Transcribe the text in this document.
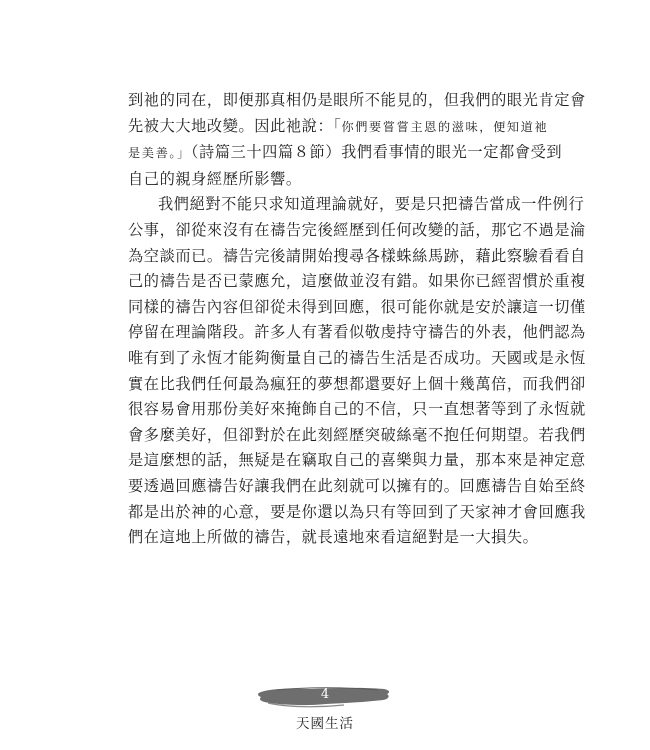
到祂的同在，即便那真相仍是眼所不能見的，但我們的眼光肯定會
先被大大地改變。因此祂說：「你們要嘗嘗主恩的滋味，便知道祂
是美善。」（詩篇三十四篇８節）我們看事情的眼光一定都會受到
自己的親身經歷所影響。

我們絕對不能只求知道理論就好，要是只把禱告當成一件例行
公事，卻從來沒有在禱告完後經歷到任何改變的話，那它不過是淪
為空談而已。禱告完後請開始搜尋各樣蛛絲馬跡，藉此察驗看看自
己的禱告是否已蒙應允，這麼做並沒有錯。如果你已經習慣於重複
同樣的禱告內容但卻從未得到回應，很可能你就是安於讓這一切僅
停留在理論階段。許多人有著看似敬虔持守禱告的外表，他們認為
唯有到了永恆才能夠衡量自己的禱告生活是否成功。天國或是永恆
實在比我們任何最為瘋狂的夢想都還要好上個十幾萬倍，而我們卻
很容易會用那份美好來掩飾自己的不信，只一直想著等到了永恆就
會多麼美好，但卻對於在此刻經歷突破絲毫不抱任何期望。若我們
是這麼想的話，無疑是在竊取自己的喜樂與力量，那本來是神定意
要透過回應禱告好讓我們在此刻就可以擁有的。回應禱告自始至終
都是出於神的心意，要是你還以為只有等回到了天家神才會回應我
們在這地上所做的禱告，就長遠地來看這絕對是一大損失。

4
天國生活
